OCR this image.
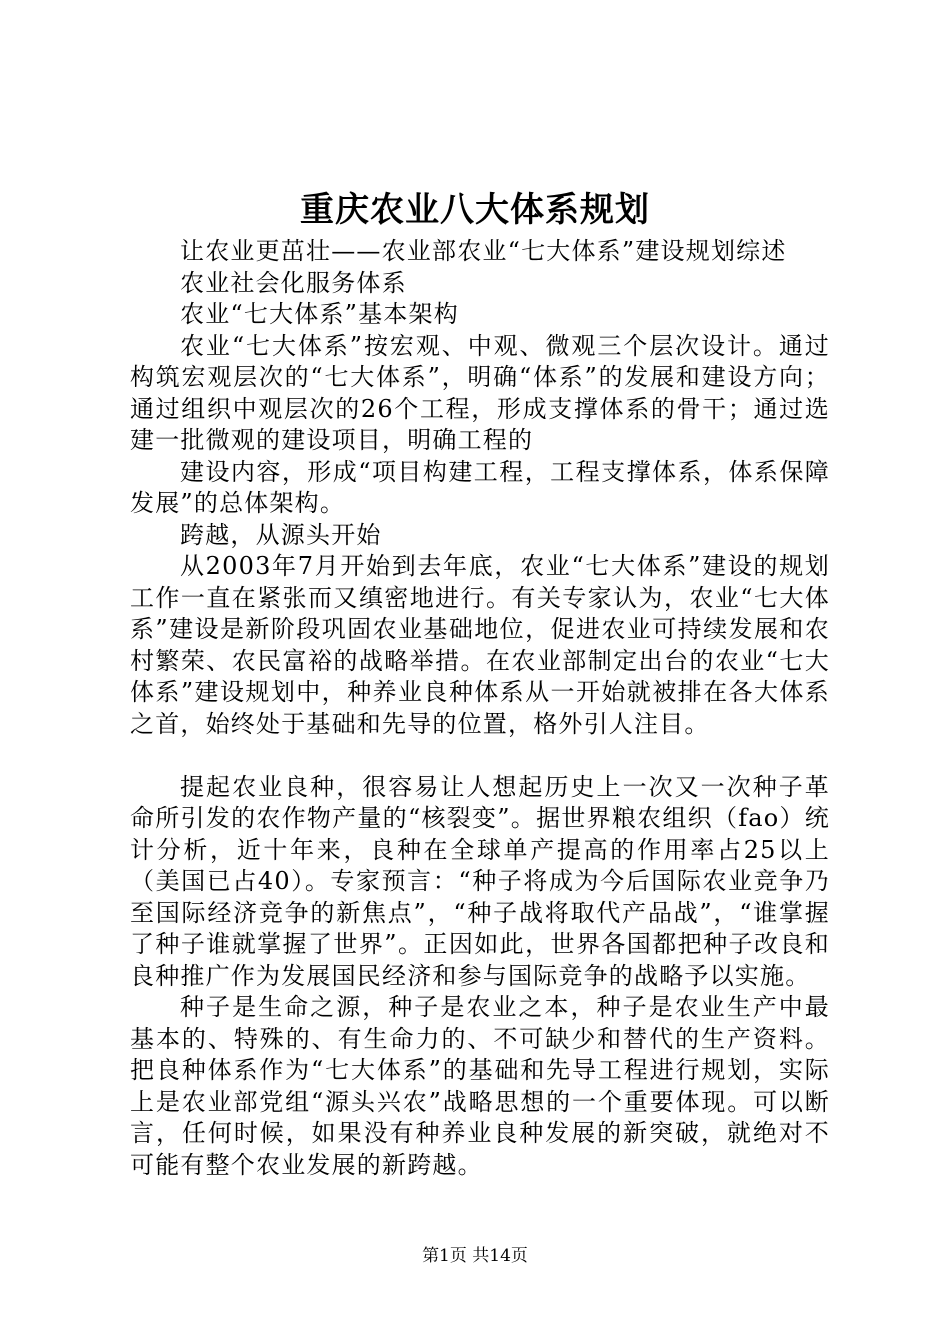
重庆农业八大体系规划

让农业更茁壮——农业部农业“七大体系”建设规划综述

农业社会化服务体系

农业“七大体系”基本架构

农业“七大体系”按宏观、中观、微观三个层次设计。通过构筑宏观层次的“七大体系”，明确“体系”的发展和建设方向；通过组织中观层次的26个工程，形成支撑体系的骨干；通过选建一批微观的建设项目，明确工程的

建设内容，形成“项目构建工程，工程支撑体系，体系保障发展”的总体架构。

跨越，从源头开始

从2003年7月开始到去年底，农业“七大体系”建设的规划工作一直在紧张而又缜密地进行。有关专家认为，农业“七大体系”建设是新阶段巩固农业基础地位，促进农业可持续发展和农村繁荣、农民富裕的战略举措。在农业部制定出台的农业“七大体系”建设规划中，种养业良种体系从一开始就被排在各大体系之首，始终处于基础和先导的位置，格外引人注目。

提起农业良种，很容易让人想起历史上一次又一次种子革命所引发的农作物产量的“核裂变”。据世界粮农组织（fao）统计分析，近十年来，良种在全球单产提高的作用率占25以上（美国已占40）。专家预言：“种子将成为今后国际农业竞争乃至国际经济竞争的新焦点”，“种子战将取代产品战”，“谁掌握了种子谁就掌握了世界”。正因如此，世界各国都把种子改良和良种推广作为发展国民经济和参与国际竞争的战略予以实施。

种子是生命之源，种子是农业之本，种子是农业生产中最基本的、特殊的、有生命力的、不可缺少和替代的生产资料。把良种体系作为“七大体系”的基础和先导工程进行规划，实际上是农业部党组“源头兴农”战略思想的一个重要体现。可以断言，任何时候，如果没有种养业良种发展的新突破，就绝对不可能有整个农业发展的新跨越。

第1页 共14页
